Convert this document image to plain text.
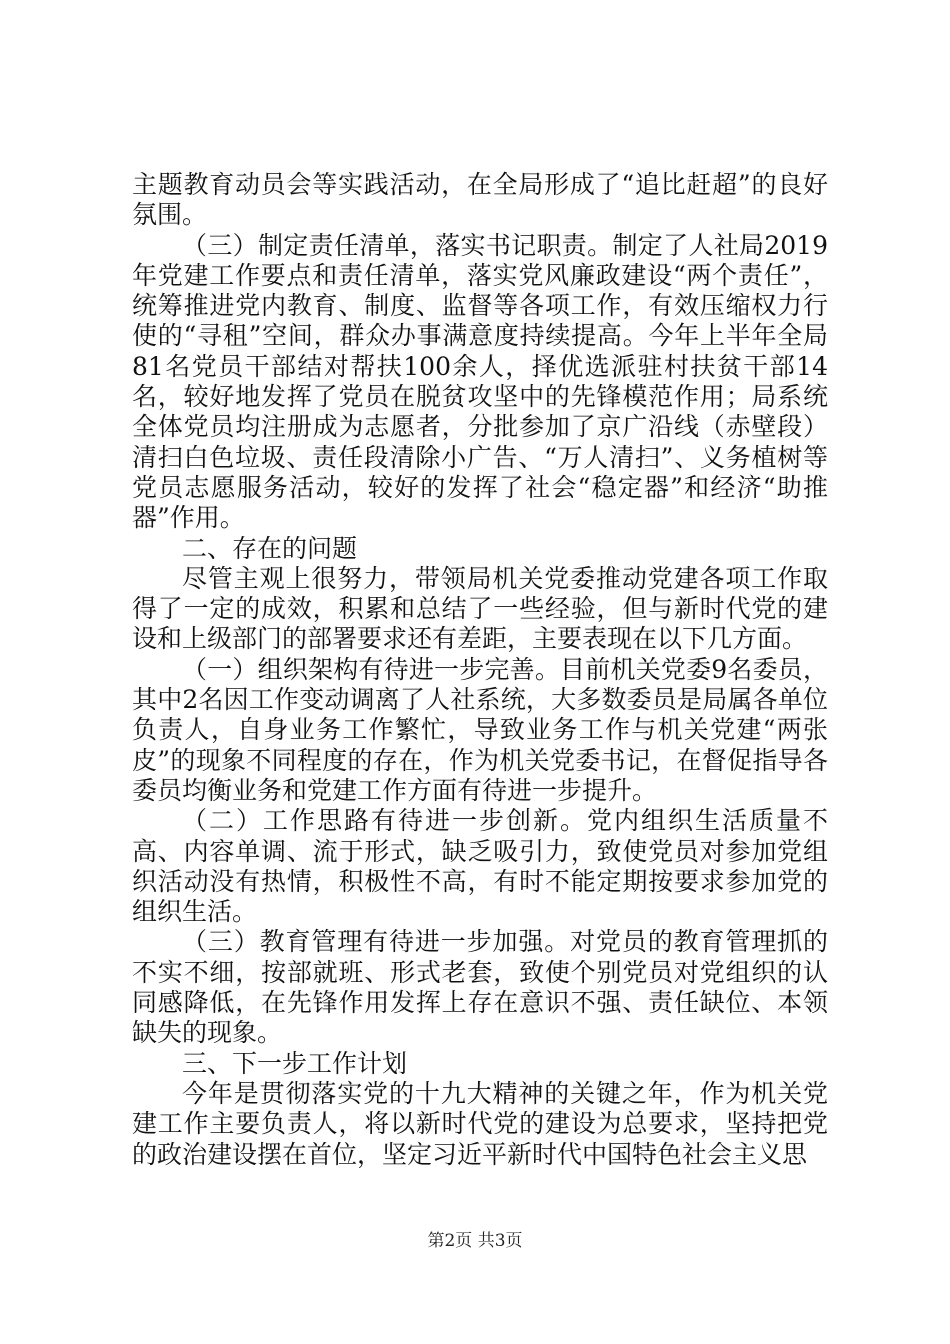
主题教育动员会等实践活动，在全局形成了“追比赶超”的良好氛围。

（三）制定责任清单，落实书记职责。制定了人社局2019年党建工作要点和责任清单，落实党风廉政建设“两个责任”，统筹推进党内教育、制度、监督等各项工作，有效压缩权力行使的“寻租”空间，群众办事满意度持续提高。今年上半年全局81名党员干部结对帮扶100余人，择优选派驻村扶贫干部14名，较好地发挥了党员在脱贫攻坚中的先锋模范作用；局系统全体党员均注册成为志愿者，分批参加了京广沿线（赤壁段）清扫白色垃圾、责任段清除小广告、“万人清扫”、义务植树等党员志愿服务活动，较好的发挥了社会“稳定器”和经济“助推器”作用。

二、存在的问题

尽管主观上很努力，带领局机关党委推动党建各项工作取得了一定的成效，积累和总结了一些经验，但与新时代党的建设和上级部门的部署要求还有差距，主要表现在以下几方面。

（一）组织架构有待进一步完善。目前机关党委9名委员，其中2名因工作变动调离了人社系统，大多数委员是局属各单位负责人，自身业务工作繁忙，导致业务工作与机关党建“两张皮”的现象不同程度的存在，作为机关党委书记，在督促指导各委员均衡业务和党建工作方面有待进一步提升。

（二）工作思路有待进一步创新。党内组织生活质量不高、内容单调、流于形式，缺乏吸引力，致使党员对参加党组织活动没有热情，积极性不高，有时不能定期按要求参加党的组织生活。

（三）教育管理有待进一步加强。对党员的教育管理抓的不实不细，按部就班、形式老套，致使个别党员对党组织的认同感降低，在先锋作用发挥上存在意识不强、责任缺位、本领缺失的现象。

三、下一步工作计划

今年是贯彻落实党的十九大精神的关键之年，作为机关党建工作主要负责人，将以新时代党的建设为总要求，坚持把党的政治建设摆在首位，坚定习近平新时代中国特色社会主义思

第2页 共3页
